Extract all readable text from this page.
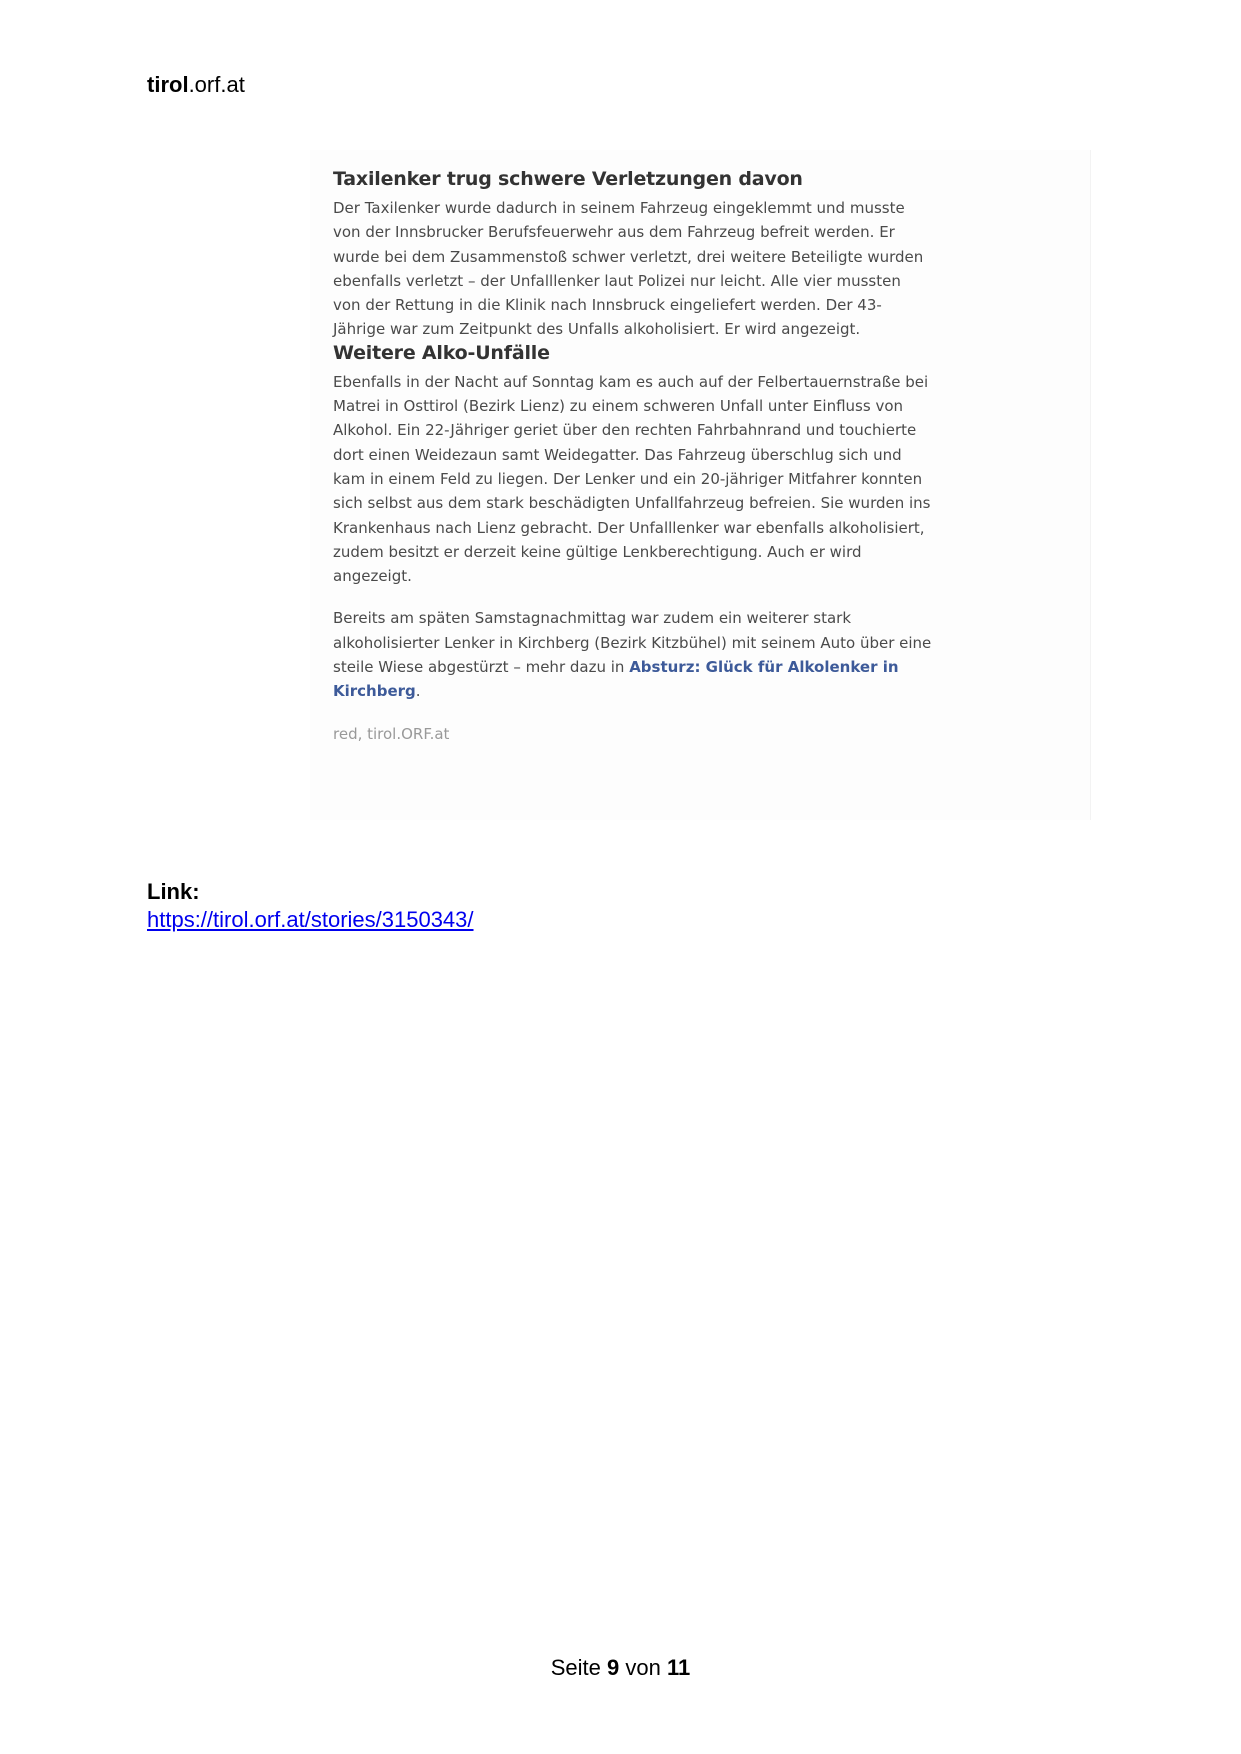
tirol.orf.at
Taxilenker trug schwere Verletzungen davon

Der Taxilenker wurde dadurch in seinem Fahrzeug eingeklemmt und musste von der Innsbrucker Berufsfeuerwehr aus dem Fahrzeug befreit werden. Er wurde bei dem Zusammenstoß schwer verletzt, drei weitere Beteiligte wurden ebenfalls verletzt – der Unfalllenker laut Polizei nur leicht. Alle vier mussten von der Rettung in die Klinik nach Innsbruck eingeliefert werden. Der 43-Jährige war zum Zeitpunkt des Unfalls alkoholisiert. Er wird angezeigt.

Weitere Alko-Unfälle

Ebenfalls in der Nacht auf Sonntag kam es auch auf der Felbertauernstraße bei Matrei in Osttirol (Bezirk Lienz) zu einem schweren Unfall unter Einfluss von Alkohol. Ein 22-Jähriger geriet über den rechten Fahrbahnrand und touchierte dort einen Weidezaun samt Weidegatter. Das Fahrzeug überschlug sich und kam in einem Feld zu liegen. Der Lenker und ein 20-jähriger Mitfahrer konnten sich selbst aus dem stark beschädigten Unfallfahrzeug befreien. Sie wurden ins Krankenhaus nach Lienz gebracht. Der Unfalllenker war ebenfalls alkoholisiert, zudem besitzt er derzeit keine gültige Lenkberechtigung. Auch er wird angezeigt.

Bereits am späten Samstagnachmittag war zudem ein weiterer stark alkoholisierter Lenker in Kirchberg (Bezirk Kitzbühel) mit seinem Auto über eine steile Wiese abgestürzt – mehr dazu in Absturz: Glück für Alkolenker in Kirchberg.

red, tirol.ORF.at

Link:
https://tirol.orf.at/stories/3150343/
Seite 9 von 11
